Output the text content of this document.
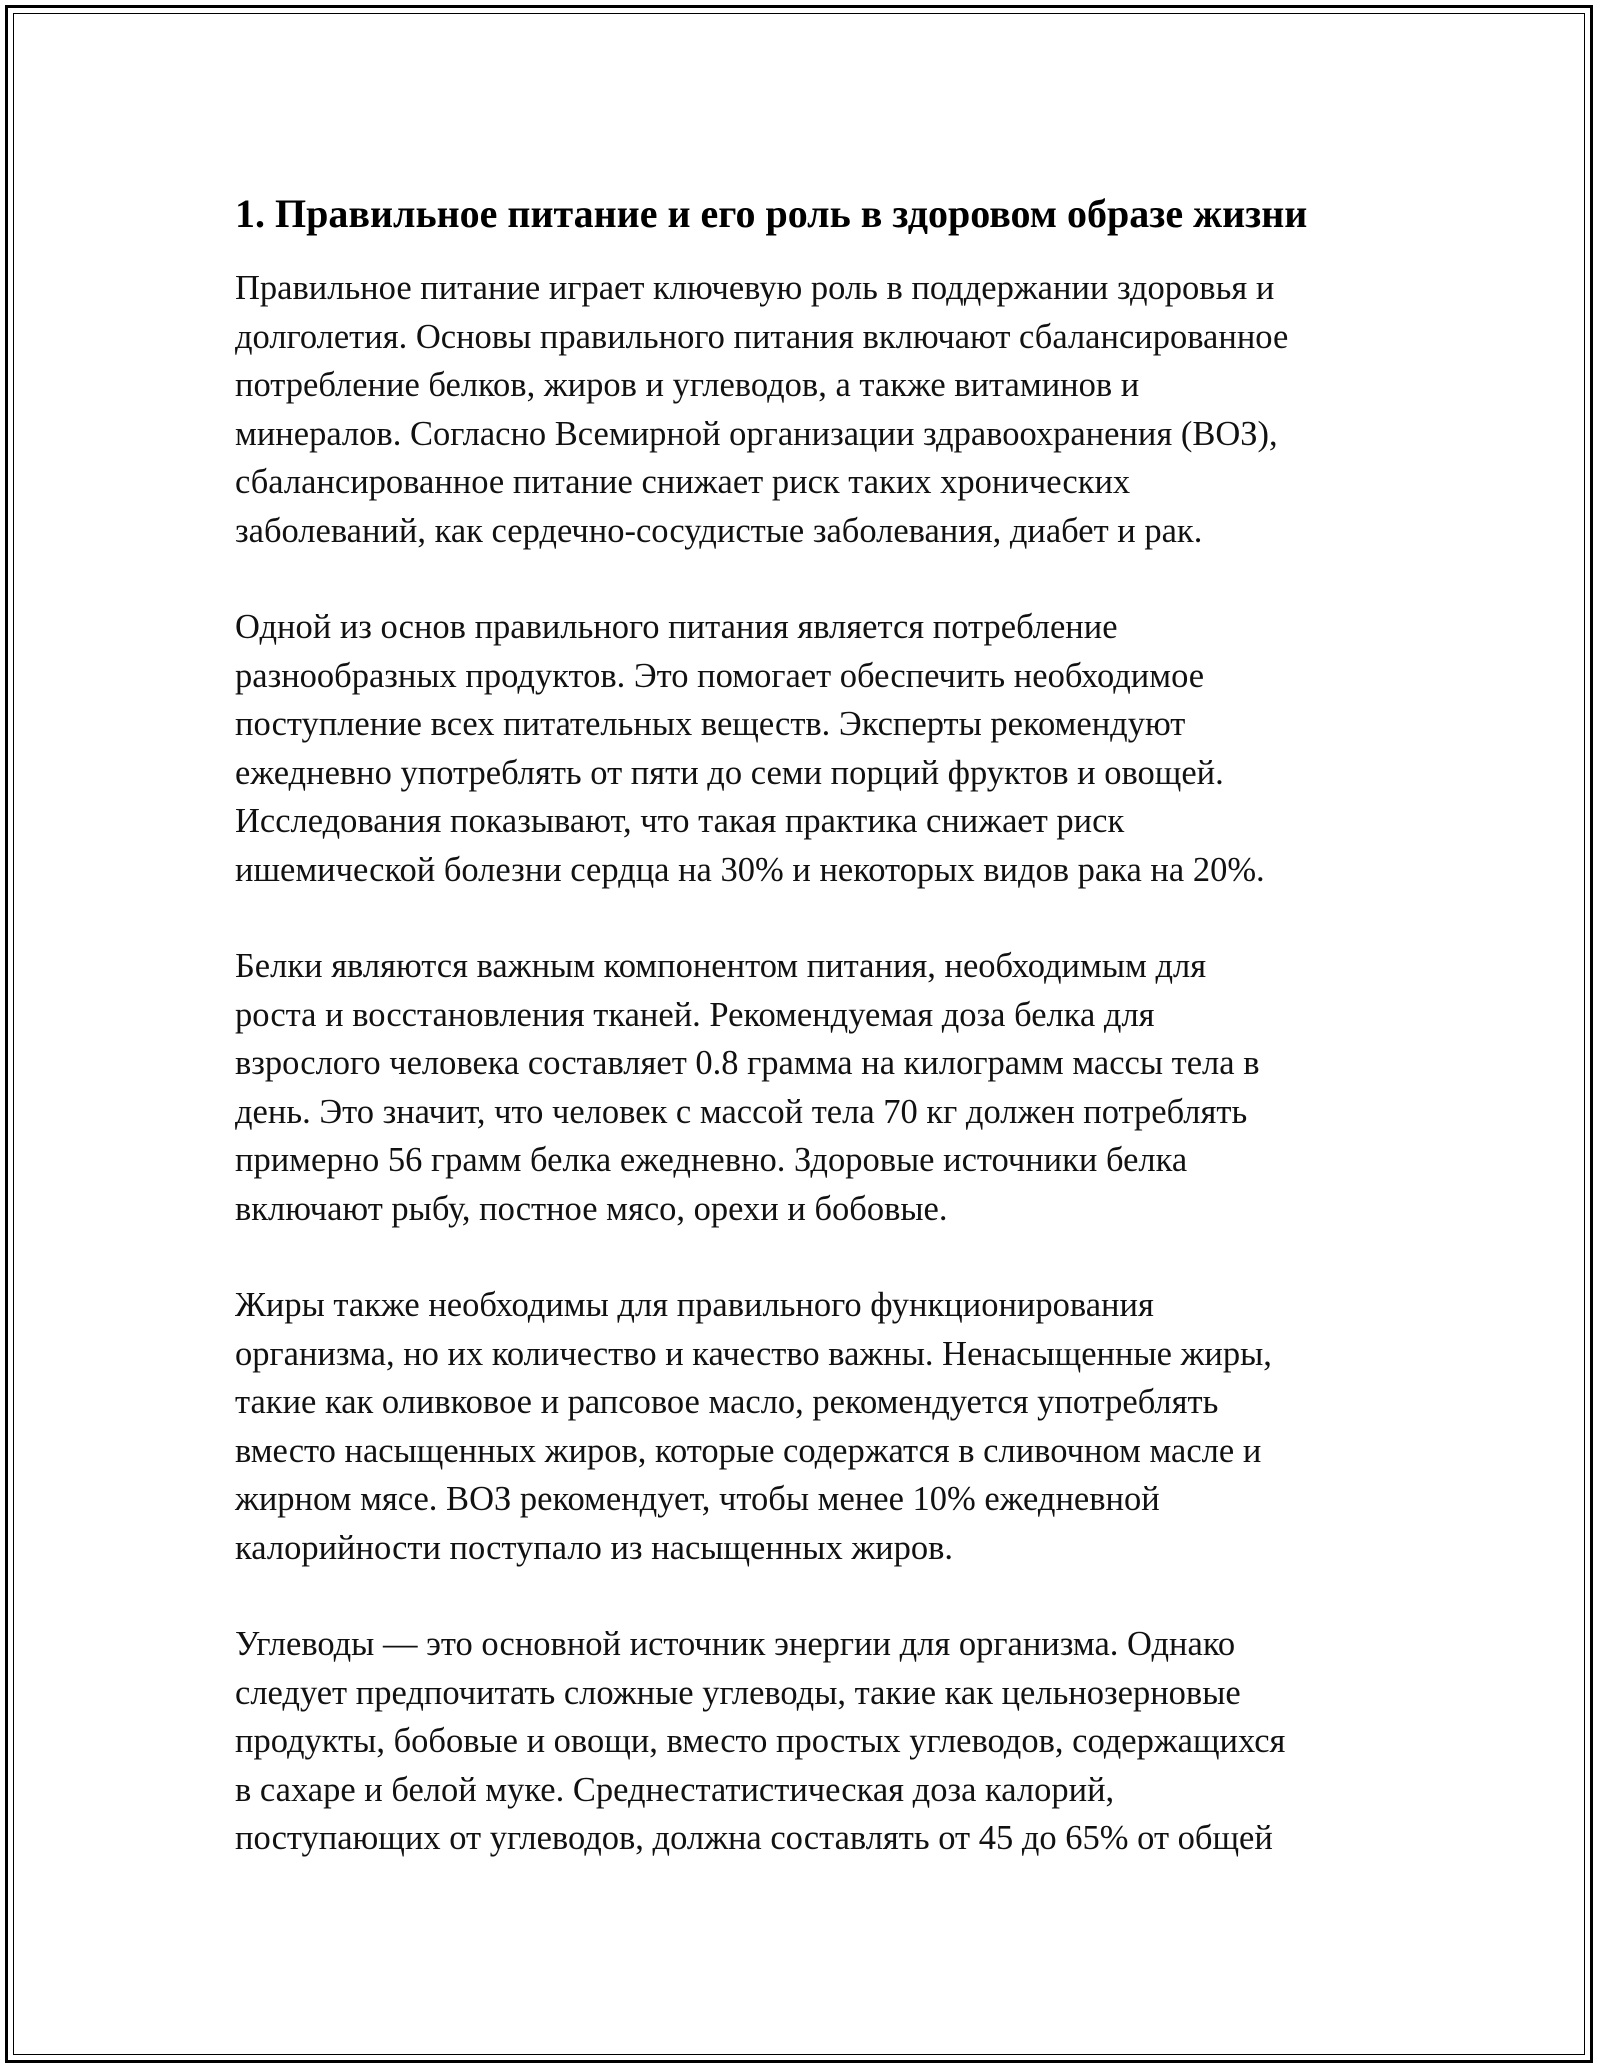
1. Правильное питание и его роль в здоровом образе жизни

Правильное питание играет ключевую роль в поддержании здоровья и
долголетия. Основы правильного питания включают сбалансированное
потребление белков, жиров и углеводов, а также витаминов и
минералов. Согласно Всемирной организации здравоохранения (ВОЗ),
сбалансированное питание снижает риск таких хронических
заболеваний, как сердечно-сосудистые заболевания, диабет и рак.

Одной из основ правильного питания является потребление
разнообразных продуктов. Это помогает обеспечить необходимое
поступление всех питательных веществ. Эксперты рекомендуют
ежедневно употреблять от пяти до семи порций фруктов и овощей.
Исследования показывают, что такая практика снижает риск
ишемической болезни сердца на 30% и некоторых видов рака на 20%.

Белки являются важным компонентом питания, необходимым для
роста и восстановления тканей. Рекомендуемая доза белка для
взрослого человека составляет 0.8 грамма на килограмм массы тела в
день. Это значит, что человек с массой тела 70 кг должен потреблять
примерно 56 грамм белка ежедневно. Здоровые источники белка
включают рыбу, постное мясо, орехи и бобовые.

Жиры также необходимы для правильного функционирования
организма, но их количество и качество важны. Ненасыщенные жиры,
такие как оливковое и рапсовое масло, рекомендуется употреблять
вместо насыщенных жиров, которые содержатся в сливочном масле и
жирном мясе. ВОЗ рекомендует, чтобы менее 10% ежедневной
калорийности поступало из насыщенных жиров.

Углеводы — это основной источник энергии для организма. Однако
следует предпочитать сложные углеводы, такие как цельнозерновые
продукты, бобовые и овощи, вместо простых углеводов, содержащихся
в сахаре и белой муке. Среднестатистическая доза калорий,
поступающих от углеводов, должна составлять от 45 до 65% от общей
